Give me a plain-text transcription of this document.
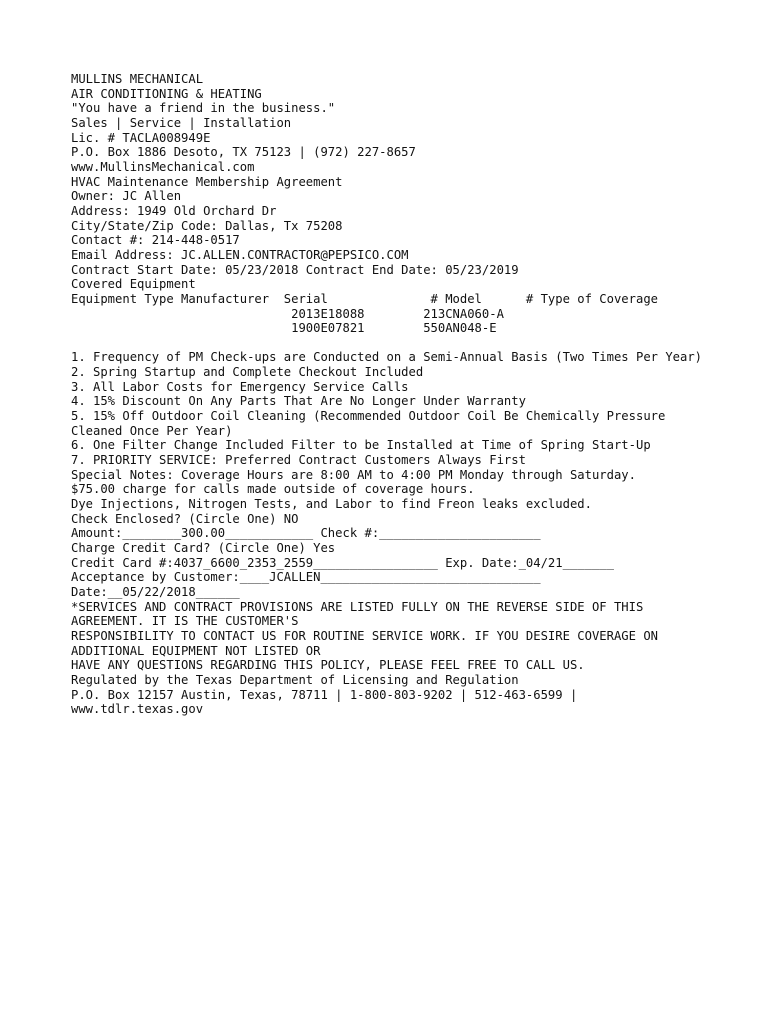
MULLINS MECHANICAL
AIR CONDITIONING & HEATING
"You have a friend in the business."
Sales | Service | Installation
Lic. # TACLA008949E
P.O. Box 1886 Desoto, TX 75123 | (972) 227-8657
www.MullinsMechanical.com
HVAC Maintenance Membership Agreement
Owner: JC Allen
Address: 1949 Old Orchard Dr
City/State/Zip Code: Dallas, Tx 75208
Contact #: 214-448-0517
Email Address: JC.ALLEN.CONTRACTOR@PEPSICO.COM
Contract Start Date: 05/23/2018 Contract End Date: 05/23/2019
Covered Equipment
Equipment Type Manufacturer  Serial              # Model      # Type of Coverage
2013E18088        213CNA060-A
1900E07821        550AN048-E
1. Frequency of PM Check-ups are Conducted on a Semi-Annual Basis (Two Times Per Year)
2. Spring Startup and Complete Checkout Included
3. All Labor Costs for Emergency Service Calls
4. 15% Discount On Any Parts That Are No Longer Under Warranty
5. 15% Off Outdoor Coil Cleaning (Recommended Outdoor Coil Be Chemically Pressure Cleaned Once Per Year)
6. One Filter Change Included Filter to be Installed at Time of Spring Start-Up
7. PRIORITY SERVICE: Preferred Contract Customers Always First
Special Notes: Coverage Hours are 8:00 AM to 4:00 PM Monday through Saturday.
$75.00 charge for calls made outside of coverage hours.
Dye Injections, Nitrogen Tests, and Labor to find Freon leaks excluded.
Check Enclosed? (Circle One) NO
Amount:________300.00____________ Check #:______________________
Charge Credit Card? (Circle One) Yes
Credit Card #:4037_6600_2353_2559_________________ Exp. Date:_04/21_______
Acceptance by Customer:____JCALLEN______________________________
Date:__05/22/2018______
*SERVICES AND CONTRACT PROVISIONS ARE LISTED FULLY ON THE REVERSE SIDE OF THIS AGREEMENT. IT IS THE CUSTOMER'S
RESPONSIBILITY TO CONTACT US FOR ROUTINE SERVICE WORK. IF YOU DESIRE COVERAGE ON ADDITIONAL EQUIPMENT NOT LISTED OR
HAVE ANY QUESTIONS REGARDING THIS POLICY, PLEASE FEEL FREE TO CALL US.
Regulated by the Texas Department of Licensing and Regulation
P.O. Box 12157 Austin, Texas, 78711 | 1-800-803-9202 | 512-463-6599 | www.tdlr.texas.gov
